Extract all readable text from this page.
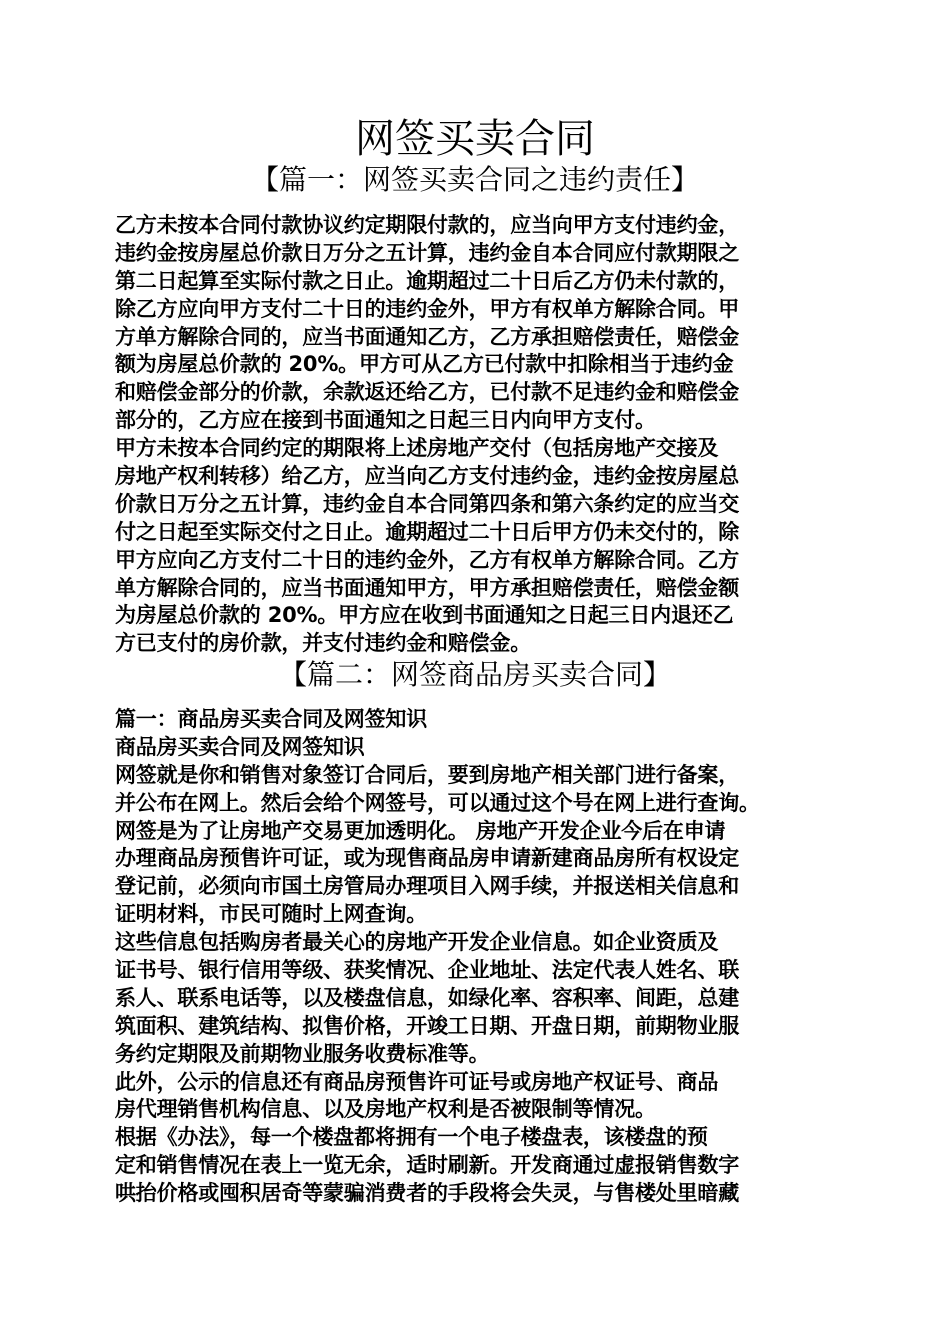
网签买卖合同
【篇一：网签买卖合同之违约责任】
乙方未按本合同付款协议约定期限付款的，应当向甲方支付违约金，
违约金按房屋总价款日万分之五计算，违约金自本合同应付款期限之
第二日起算至实际付款之日止。逾期超过二十日后乙方仍未付款的，
除乙方应向甲方支付二十日的违约金外，甲方有权单方解除合同。甲
方单方解除合同的，应当书面通知乙方，乙方承担赔偿责任，赔偿金
额为房屋总价款的 20%。甲方可从乙方已付款中扣除相当于违约金
和赔偿金部分的价款，余款返还给乙方，已付款不足违约金和赔偿金
部分的，乙方应在接到书面通知之日起三日内向甲方支付。
甲方未按本合同约定的期限将上述房地产交付（包括房地产交接及
房地产权利转移）给乙方，应当向乙方支付违约金，违约金按房屋总
价款日万分之五计算，违约金自本合同第四条和第六条约定的应当交
付之日起至实际交付之日止。逾期超过二十日后甲方仍未交付的，除
甲方应向乙方支付二十日的违约金外，乙方有权单方解除合同。乙方
单方解除合同的，应当书面通知甲方，甲方承担赔偿责任，赔偿金额
为房屋总价款的 20%。甲方应在收到书面通知之日起三日内退还乙
方已支付的房价款，并支付违约金和赔偿金。
【篇二：网签商品房买卖合同】
篇一：商品房买卖合同及网签知识
商品房买卖合同及网签知识
网签就是你和销售对象签订合同后，要到房地产相关部门进行备案，
并公布在网上。然后会给个网签号，可以通过这个号在网上进行查询。
网签是为了让房地产交易更加透明化。 房地产开发企业今后在申请
办理商品房预售许可证，或为现售商品房申请新建商品房所有权设定
登记前，必须向市国土房管局办理项目入网手续，并报送相关信息和
证明材料，市民可随时上网查询。
这些信息包括购房者最关心的房地产开发企业信息。如企业资质及
证书号、银行信用等级、获奖情况、企业地址、法定代表人姓名、联
系人、联系电话等，以及楼盘信息，如绿化率、容积率、间距，总建
筑面积、建筑结构、拟售价格，开竣工日期、开盘日期，前期物业服
务约定期限及前期物业服务收费标准等。
此外，公示的信息还有商品房预售许可证号或房地产权证号、商品
房代理销售机构信息、以及房地产权利是否被限制等情况。
根据《办法》，每一个楼盘都将拥有一个电子楼盘表，该楼盘的预
定和销售情况在表上一览无余，适时刷新。开发商通过虚报销售数字
哄抬价格或囤积居奇等蒙骗消费者的手段将会失灵，与售楼处里暗藏
